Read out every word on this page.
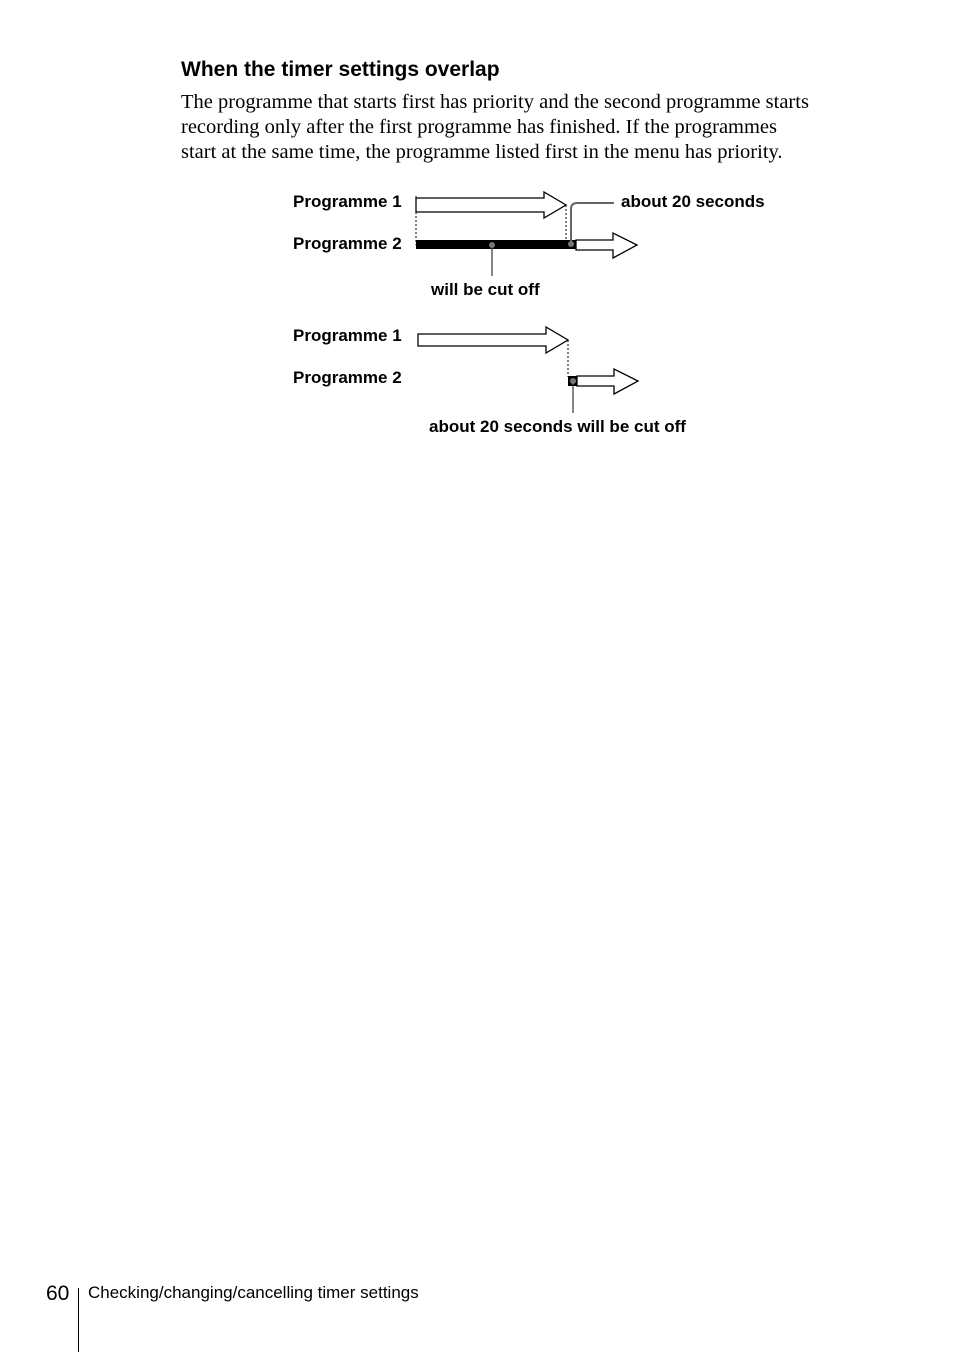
When the timer settings overlap

The programme that starts first has priority and the second programme starts
recording only after the first programme has finished. If the programmes
start at the same time, the programme listed first in the menu has priority.

Programme 1
Programme 2
about 20 seconds
will be cut off
Programme 1
Programme 2
about 20 seconds will be cut off
60 Checking/changing/cancelling timer settings
